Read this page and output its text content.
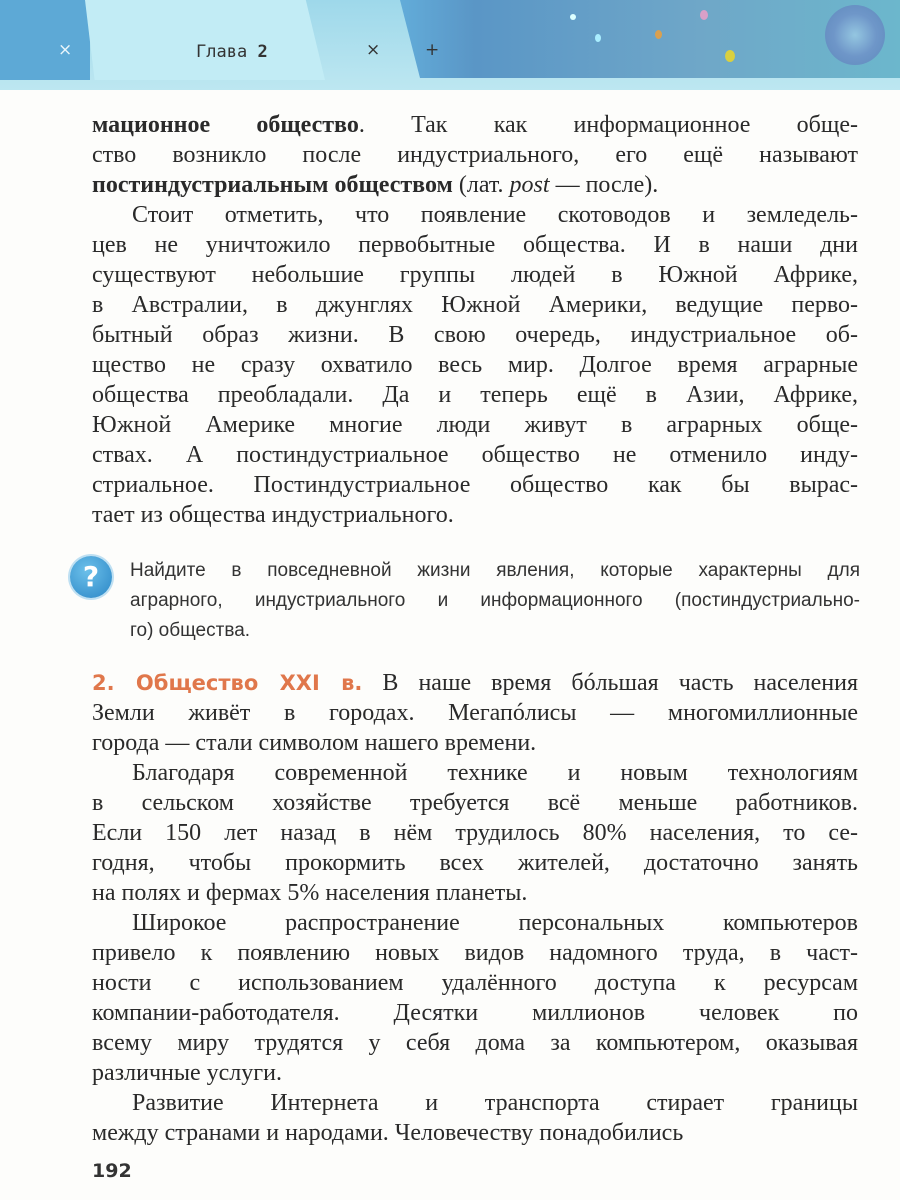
×	Глава 2	×	+
мационное общество. Так как информационное обще-
ство возникло после индустриального, его ещё называют
постиндустриальным обществом (лат. post — после).
Стоит отметить, что появление скотоводов и земледель-
цев не уничтожило первобытные общества. И в наши дни
существуют небольшие группы людей в Южной Африке,
в Австралии, в джунглях Южной Америки, ведущие перво-
бытный образ жизни. В свою очередь, индустриальное об-
щество не сразу охватило весь мир. Долгое время аграрные
общества преобладали. Да и теперь ещё в Азии, Африке,
Южной Америке многие люди живут в аграрных обще-
ствах. А постиндустриальное общество не отменило инду-
стриальное. Постиндустриальное общество как бы вырас-
тает из общества индустриального.
?	Найдите в повседневной жизни явления, которые характерны для
аграрного, индустриального и информационного (постиндустриально-
го) общества.
2. Общество XXI в. В наше время бóльшая часть населения
Земли живёт в городах. Мегапóлисы — многомиллионные
города — стали символом нашего времени.
Благодаря современной технике и новым технологиям
в сельском хозяйстве требуется всё меньше работников.
Если 150 лет назад в нём трудилось 80% населения, то се-
годня, чтобы прокормить всех жителей, достаточно занять
на полях и фермах 5% населения планеты.
Широкое распространение персональных компьютеров
привело к появлению новых видов надомного труда, в част-
ности с использованием удалённого доступа к ресурсам
компании-работодателя. Десятки миллионов человек по
всему миру трудятся у себя дома за компьютером, оказывая
различные услуги.
Развитие Интернета и транспорта стирает границы
между странами и народами. Человечеству понадобились
192
